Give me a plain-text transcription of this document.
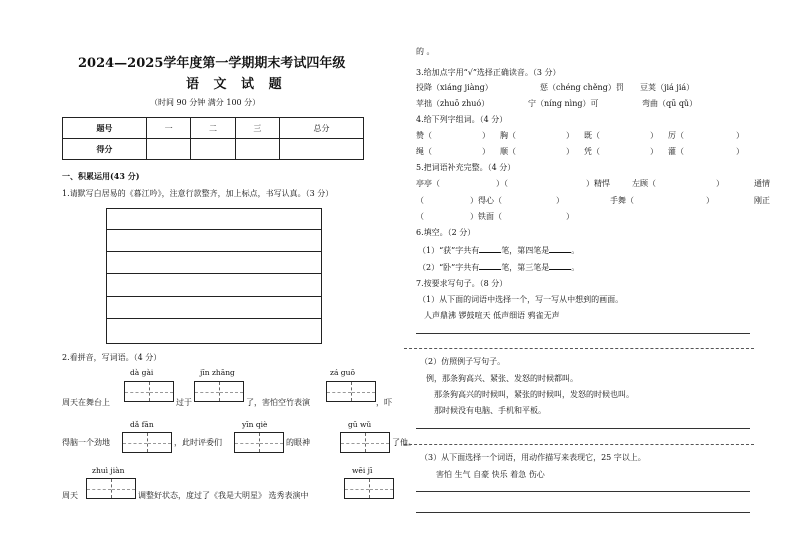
2024—2025学年度第一学期期末考试四年级
语 文 试 题
（时间 90 分钟 满分 100 分）
题号	一	二	三	总分
得分				
一、积累运用(43 分)
1.请默写白居易的《暮江吟》，注意行款整齐，加上标点，书写认真。（3 分）
2.看拼音，写词语。（4 分）
dà gài	jīn zhāng	zá guō
周天在舞台上	过于	了，害怕空竹表演	，吓
dǎ fān	yīn qiè	gū wǔ
得脑一个劲地	，此时评委们	的眼神	了他。
zhuì jiàn	wēi jī
周天	调整好状态，度过了《我是大明星》 选秀表演中
的 。
3.给加点字用“√”选择正确读音。（3 分）
投降（xiáng jiàng）	惩（chéng chěng）罚 豆荚（jiá jiá）
苹拙（zhuō zhuó）	宁（níng nìng）可	弯曲（qū qǔ）
4.给下列字组词。（4 分）
赞（	） 胸（	） 既（	） 厉（	）
绳（	） 顺（	） 凭（	） 灌（	）
5.把词语补充完整。（4 分）
亭亭（	）（	）精悍	左顾（	）	通情
（	）得心（	）	手舞（	）	刚正
（	）铁面（	）
6.填空。（2 分）
（1）“获”字共有	笔，第四笔是	。
（2）“卧”字共有	笔，第三笔是	。
7.按要求写句子。（8 分）
（1）从下面的词语中选择一个，写一写从中想到的画面。
人声鼎沸 锣鼓喧天 低声细语 鸦雀无声
（2）仿照例子写句子。
例，那条狗高兴、紧张、发怒的时候都叫。
那条狗高兴的时候叫，紧张的时候叫，发怒的时候也叫。
那时候没有电脑、手机和平板。
（3）从下面选择一个词语，用动作描写来表现它，25 字以上。
害怕 生气 自豪 快乐 着急 伤心
